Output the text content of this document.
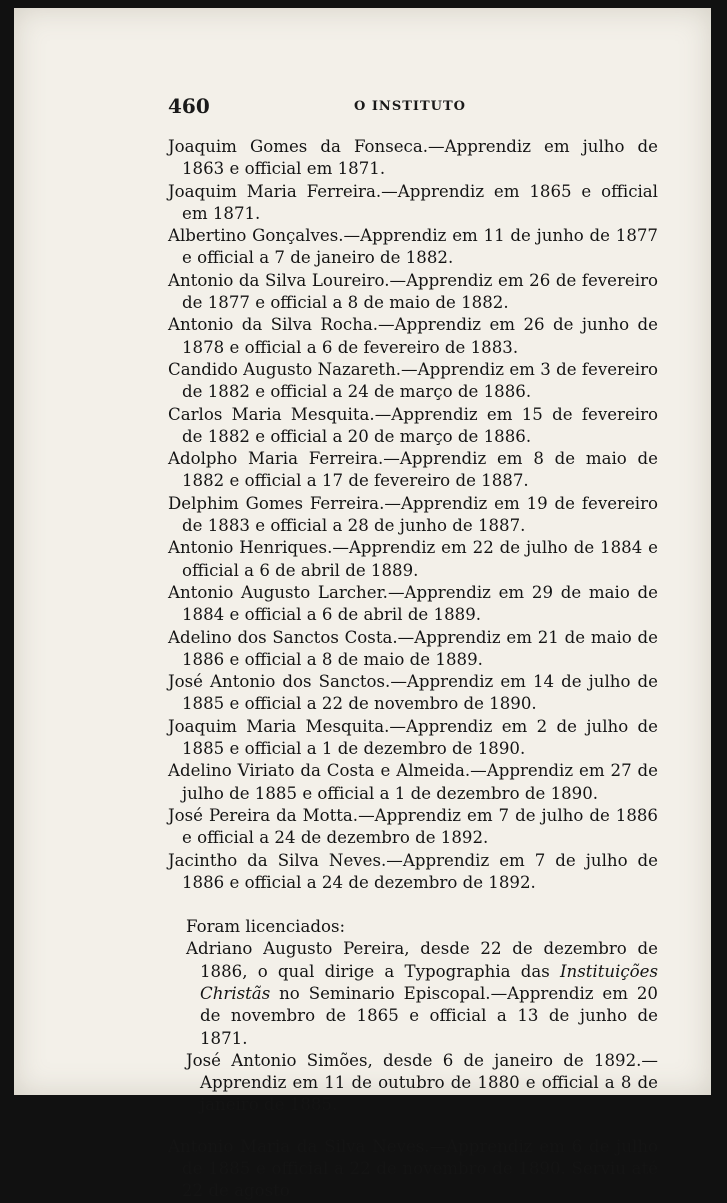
460	O INSTITUTO
Joaquim Gomes da Fonseca.—Apprendiz em julho de 1863 e official em 1871.
Joaquim Maria Ferreira.—Apprendiz em 1865 e official em 1871.
Albertino Gonçalves.—Apprendiz em 11 de junho de 1877 e official a 7 de janeiro de 1882.
Antonio da Silva Loureiro.—Apprendiz em 26 de fevereiro de 1877 e official a 8 de maio de 1882.
Antonio da Silva Rocha.—Apprendiz em 26 de junho de 1878 e official a 6 de fevereiro de 1883.
Candido Augusto Nazareth.—Apprendiz em 3 de fevereiro de 1882 e official a 24 de março de 1886.
Carlos Maria Mesquita.—Apprendiz em 15 de fevereiro de 1882 e official a 20 de março de 1886.
Adolpho Maria Ferreira.—Apprendiz em 8 de maio de 1882 e official a 17 de fevereiro de 1887.
Delphim Gomes Ferreira.—Apprendiz em 19 de fevereiro de 1883 e official a 28 de junho de 1887.
Antonio Henriques.—Apprendiz em 22 de julho de 1884 e official a 6 de abril de 1889.
Antonio Augusto Larcher.—Apprendiz em 29 de maio de 1884 e official a 6 de abril de 1889.
Adelino dos Sanctos Costa.—Apprendiz em 21 de maio de 1886 e official a 8 de maio de 1889.
José Antonio dos Sanctos.—Apprendiz em 14 de julho de 1885 e official a 22 de novembro de 1890.
Joaquim Maria Mesquita.—Apprendiz em 2 de julho de 1885 e official a 1 de dezembro de 1890.
Adelino Viriato da Costa e Almeida.—Apprendiz em 27 de julho de 1885 e official a 1 de dezembro de 1890.
José Pereira da Motta.—Apprendiz em 7 de julho de 1886 e official a 24 de dezembro de 1892.
Jacintho da Silva Neves.—Apprendiz em 7 de julho de 1886 e official a 24 de dezembro de 1892.
Foram licenciados:
Adriano Augusto Pereira, desde 22 de dezembro de 1886, o qual dirige a Typographia das Instituições Christãs no Seminario Episcopal.—Apprendiz em 20 de novembro de 1865 e official a 13 de junho de 1871.
José Antonio Simões, desde 6 de janeiro de 1892.—Apprendiz em 11 de outubro de 1880 e official a 8 de janeiro de 1885.
Antonio Maria da Silva Neves.—Apprendiz em 6 de julho de 1885 e official a 22 de novembro de 1890. Serviu até 22 de agosto
